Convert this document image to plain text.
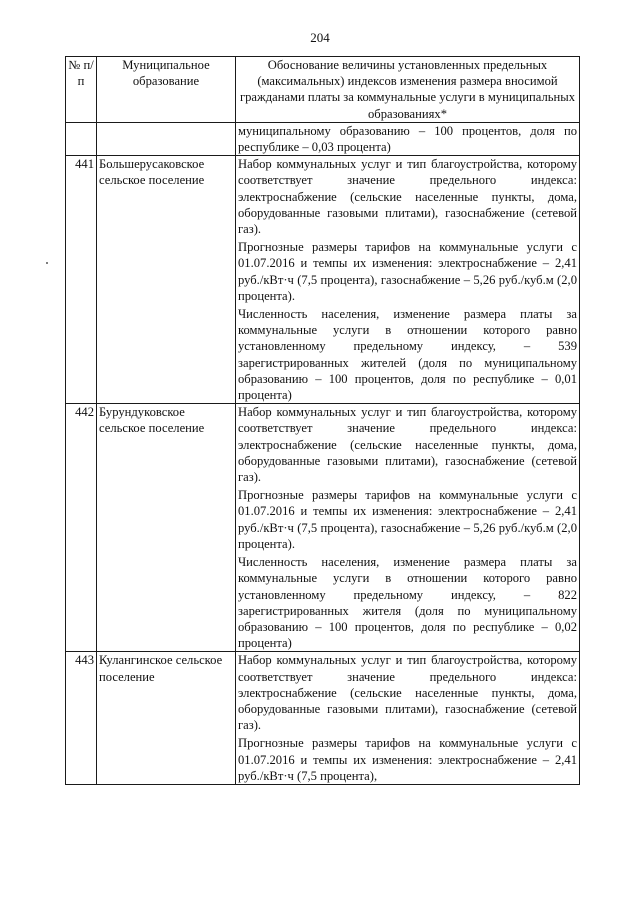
204
№ п/п	Муниципальное образование	Обоснование величины установленных предельных (максимальных) индексов изменения размера вносимой гражданами платы за коммунальные услуги в муниципальных образованиях*
		муниципальному образованию – 100 процентов, доля по республике – 0,03 процента)
441	Большерусаковское сельское поселение	Набор коммунальных услуг и тип благоустройства, которому соответствует значение предельного индекса: электроснабжение (сельские населенные пункты, дома, оборудованные газовыми плитами), газоснабжение (сетевой газ).
Прогнозные размеры тарифов на коммунальные услуги с 01.07.2016 и темпы их изменения: электроснабжение – 2,41 руб./кВт·ч (7,5 процента), газоснабжение – 5,26 руб./куб.м (2,0 процента).
Численность населения, изменение размера платы за коммунальные услуги в отношении которого равно установленному предельному индексу, – 539 зарегистрированных жителей (доля по муниципальному образованию – 100 процентов, доля по республике – 0,01 процента)

442	Бурундуковское сельское поселение	Набор коммунальных услуг и тип благоустройства, которому соответствует значение предельного индекса: электроснабжение (сельские населенные пункты, дома, оборудованные газовыми плитами), газоснабжение (сетевой газ).
Прогнозные размеры тарифов на коммунальные услуги с 01.07.2016 и темпы их изменения: электроснабжение – 2,41 руб./кВт·ч (7,5 процента), газоснабжение – 5,26 руб./куб.м (2,0 процента).
Численность населения, изменение размера платы за коммунальные услуги в отношении которого равно установленному предельному индексу, – 822 зарегистрированных жителя (доля по муниципальному образованию – 100 процентов, доля по республике – 0,02 процента)

443	Кулангинское сельское поселение	Набор коммунальных услуг и тип благоустройства, которому соответствует значение предельного индекса: электроснабжение (сельские населенные пункты, дома, оборудованные газовыми плитами), газоснабжение (сетевой газ).
Прогнозные размеры тарифов на коммунальные услуги с 01.07.2016 и темпы их изменения: электроснабжение – 2,41 руб./кВт·ч (7,5 процента),
